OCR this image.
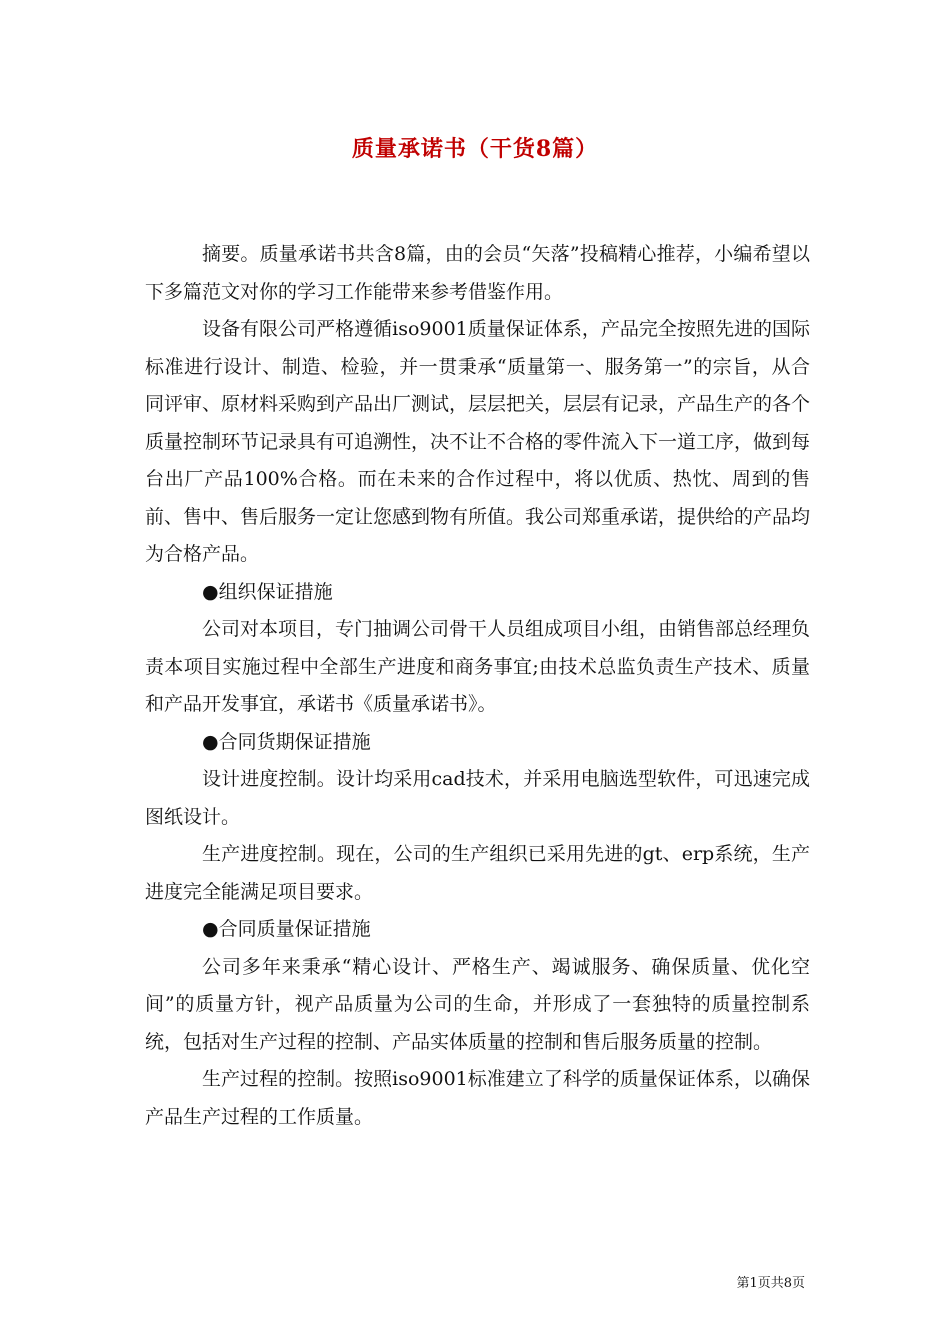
质量承诺书（干货8篇）

摘要。质量承诺书共含8篇，由的会员“矢落”投稿精心推荐，小编希望以下多篇范文对你的学习工作能带来参考借鉴作用。

设备有限公司严格遵循iso9001质量保证体系，产品完全按照先进的国际标准进行设计、制造、检验，并一贯秉承“质量第一、服务第一”的宗旨，从合同评审、原材料采购到产品出厂测试，层层把关，层层有记录，产品生产的各个质量控制环节记录具有可追溯性，决不让不合格的零件流入下一道工序，做到每台出厂产品100%合格。而在未来的合作过程中，将以优质、热忱、周到的售前、售中、售后服务一定让您感到物有所值。我公司郑重承诺，提供给的产品均为合格产品。

●组织保证措施

公司对本项目，专门抽调公司骨干人员组成项目小组，由销售部总经理负责本项目实施过程中全部生产进度和商务事宜;由技术总监负责生产技术、质量和产品开发事宜，承诺书《质量承诺书》。

●合同货期保证措施

设计进度控制。设计均采用cad技术，并采用电脑选型软件，可迅速完成图纸设计。

生产进度控制。现在，公司的生产组织已采用先进的gt、erp系统，生产进度完全能满足项目要求。

●合同质量保证措施

公司多年来秉承“精心设计、严格生产、竭诚服务、确保质量、优化空间”的质量方针，视产品质量为公司的生命，并形成了一套独特的质量控制系统，包括对生产过程的控制、产品实体质量的控制和售后服务质量的控制。

生产过程的控制。按照iso9001标准建立了科学的质量保证体系，以确保产品生产过程的工作质量。

第1页共8页
